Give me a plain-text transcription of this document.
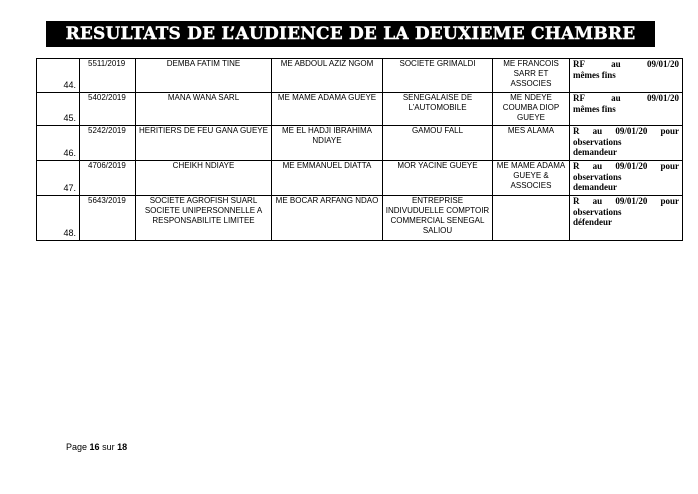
RESULTATS DE L’AUDIENCE DE LA DEUXIEME CHAMBRE
44.	5511/2019	DEMBA FATIM TINE	ME ABDOUL AZIZ NGOM	SOCIETE GRIMALDI	ME FRANCOIS SARR ET ASSOCIES	RF au 09/01/20
mêmes fins

45.	5402/2019	MANA WANA SARL	ME MAME ADAMA GUEYE	SENEGALAISE DE L’AUTOMOBILE	ME NDEYE COUMBA DIOP GUEYE	RF au 09/01/20
mêmes fins

46.	5242/2019	HERITIERS DE FEU GANA GUEYE	ME EL HADJI IBRAHIMA NDIAYE	GAMOU FALL	MES ALAMA	R au 09/01/20 pour
observations
demandeur

47.	4706/2019	CHEIKH NDIAYE	ME EMMANUEL DIATTA	MOR YACINE GUEYE	ME MAME ADAMA GUEYE & ASSOCIES	R au 09/01/20 pour
observations
demandeur

48.	5643/2019	SOCIETE AGROFISH SUARL SOCIETE UNIPERSONNELLE A RESPONSABILITE LIMITEE	ME BOCAR ARFANG NDAO	ENTREPRISE INDIVUDUELLE COMPTOIR COMMERCIAL SENEGAL SALIOU		R au 09/01/20 pour
observations
défendeur
Page 16 sur 18
